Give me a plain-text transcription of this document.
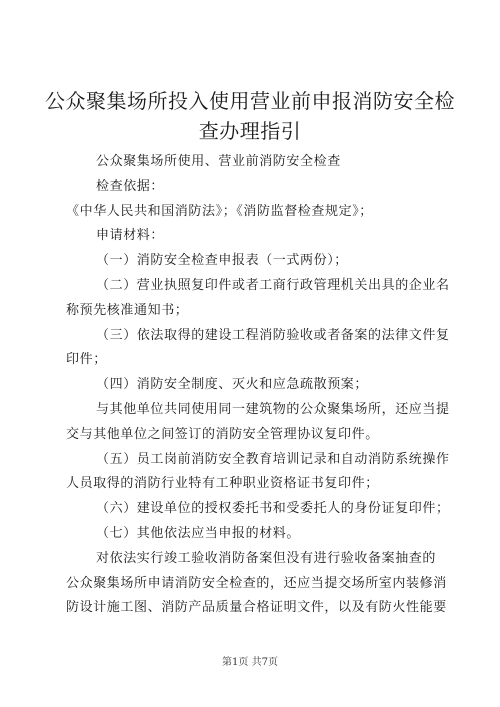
公众聚集场所投入使用营业前申报消防安全检
查办理指引
公众聚集场所使用、营业前消防安全检查
检查依据：
《中华人民共和国消防法》；《消防监督检查规定》；
申请材料：
（一）消防安全检查申报表（一式两份）；
（二）营业执照复印件或者工商行政管理机关出具的企业名
称预先核准通知书；
（三）依法取得的建设工程消防验收或者备案的法律文件复
印件；
（四）消防安全制度、灭火和应急疏散预案；
与其他单位共同使用同一建筑物的公众聚集场所，还应当提
交与其他单位之间签订的消防安全管理协议复印件。
（五）员工岗前消防安全教育培训记录和自动消防系统操作
人员取得的消防行业特有工种职业资格证书复印件；
（六）建设单位的授权委托书和受委托人的身份证复印件；
（七）其他依法应当申报的材料。
对依法实行竣工验收消防备案但没有进行验收备案抽查的
公众聚集场所申请消防安全检查的，还应当提交场所室内装修消
防设计施工图、消防产品质量合格证明文件，以及有防火性能要
第1页 共7页
